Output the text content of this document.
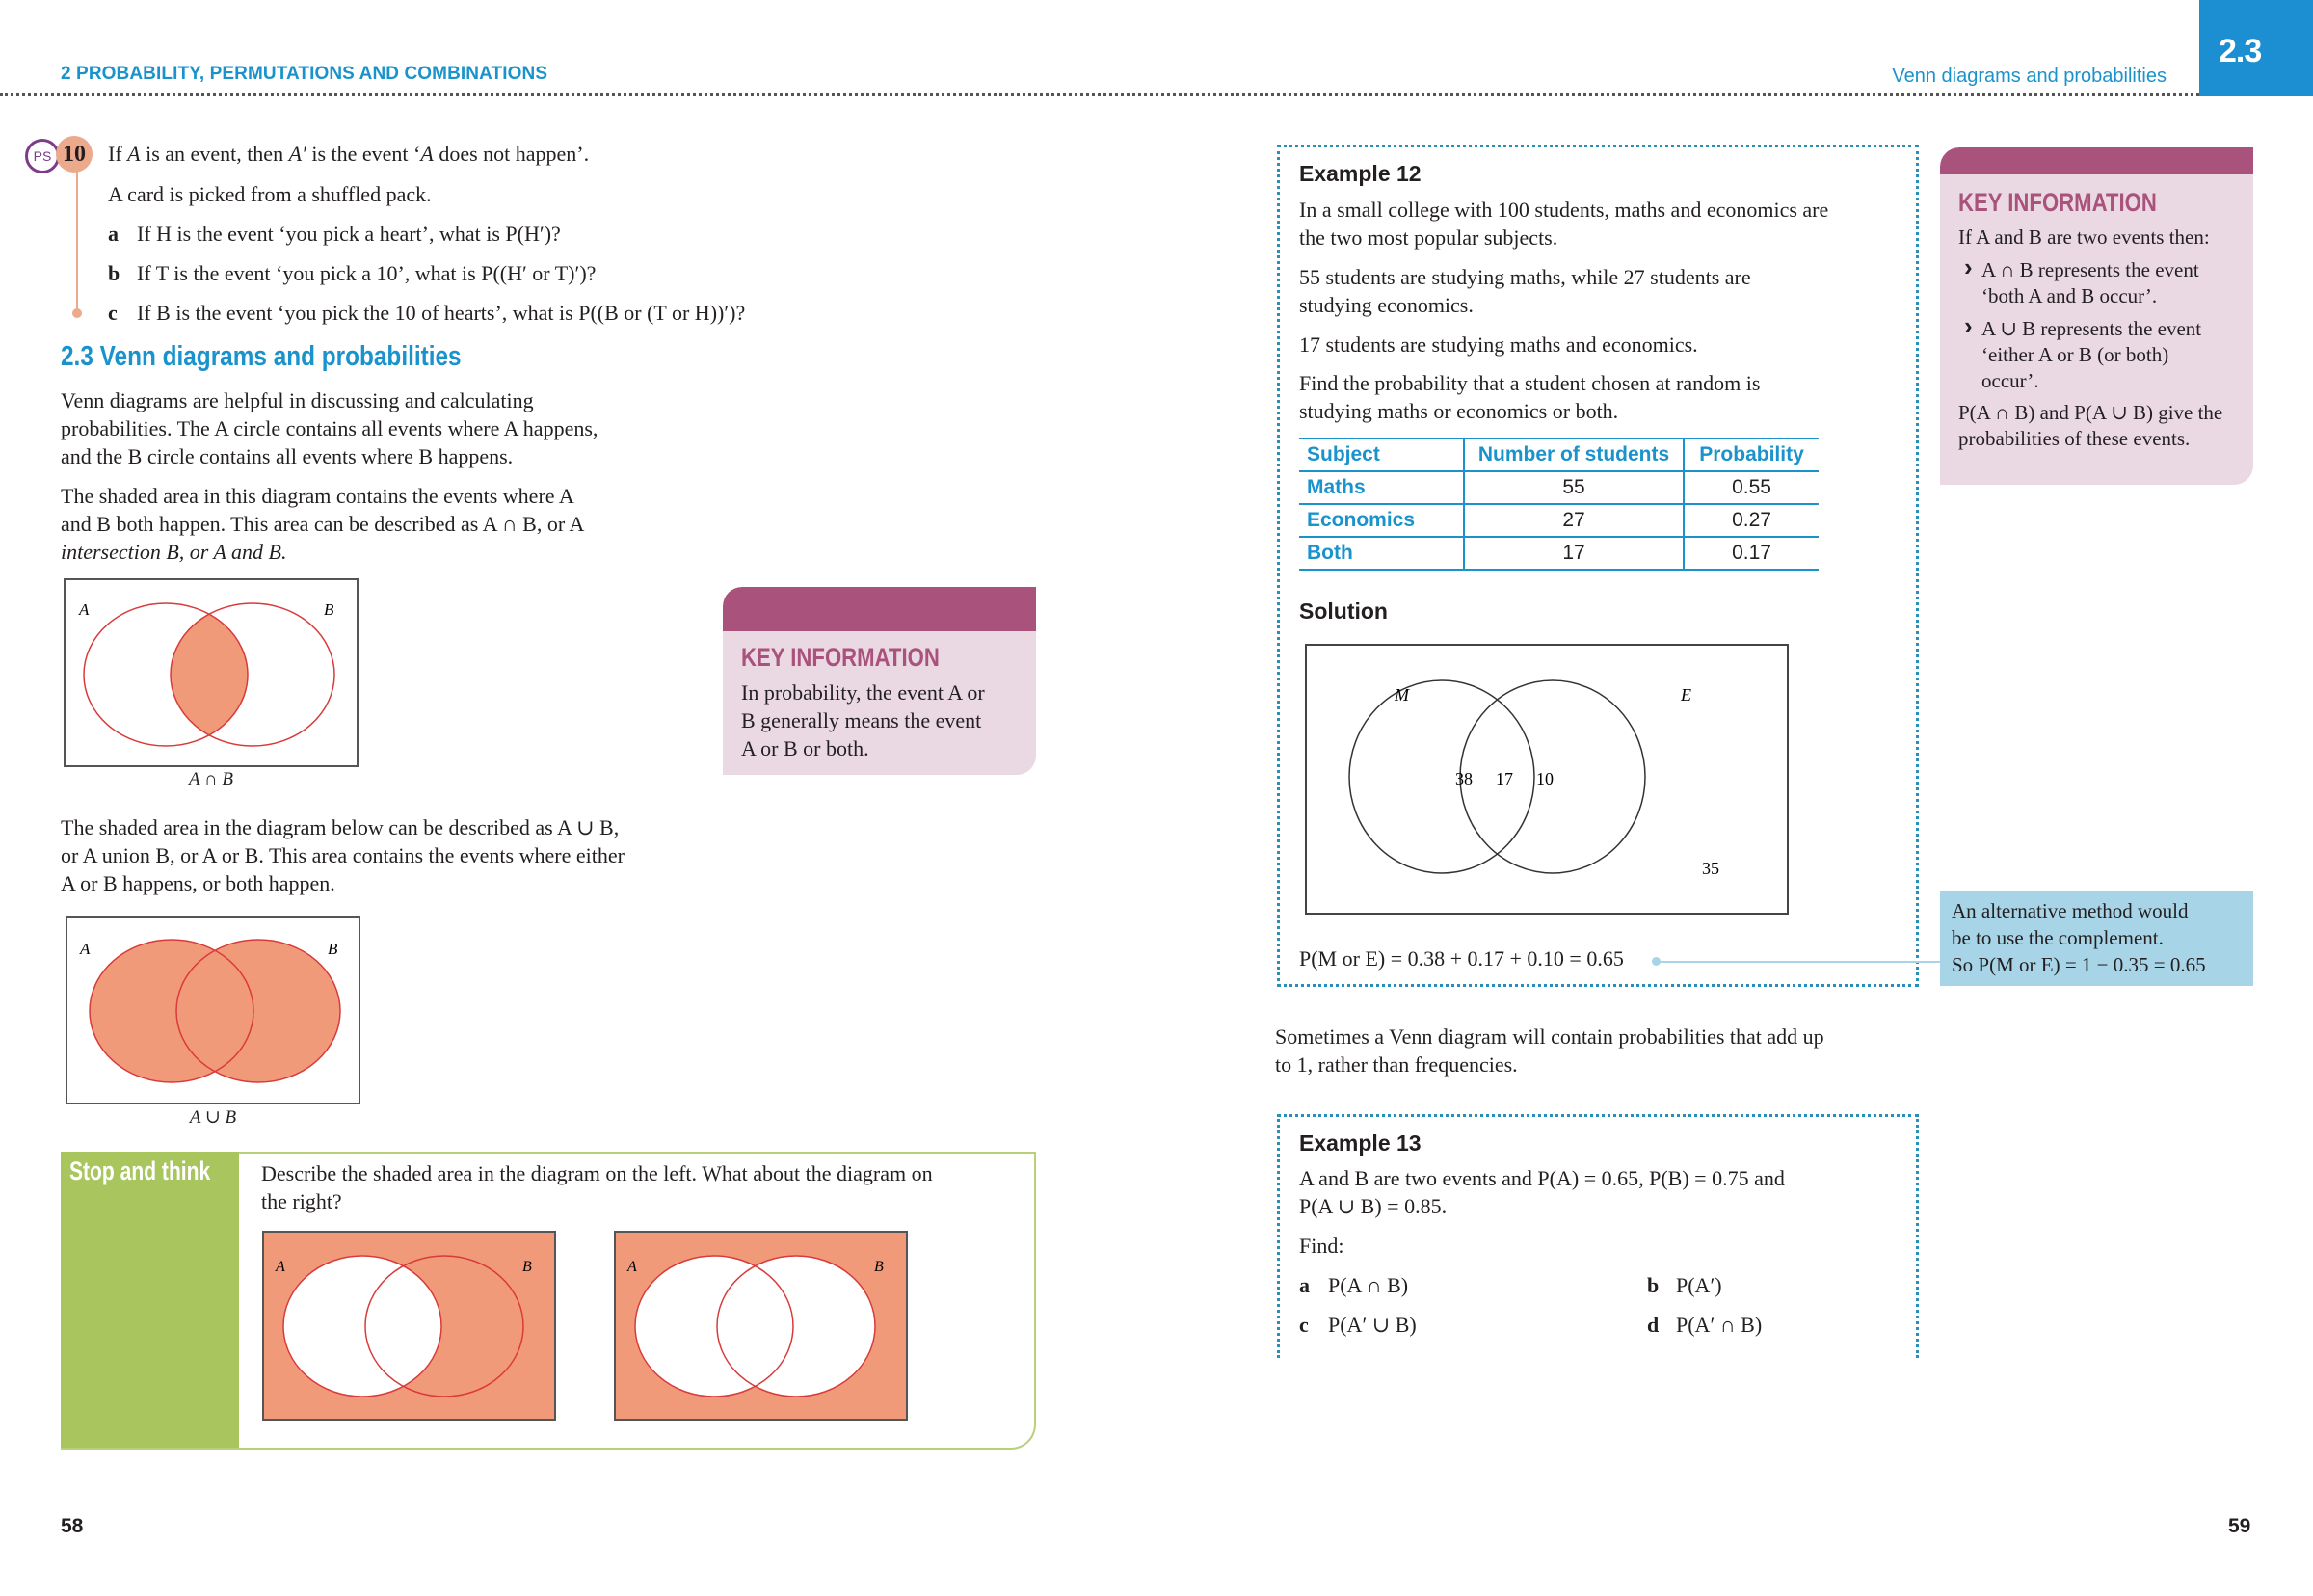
2 PROBABILITY, PERMUTATIONS AND COMBINATIONS	Venn diagrams and probabilities
2.3
PS 10	If A is an event, then A′ is the event ‘A does not happen’.
A card is picked from a shuffled pack.
a If H is the event ‘you pick a heart’, what is P(H′)?
b If T is the event ‘you pick a 10’, what is P((H′ or T)′)?
c If B is the event ‘you pick the 10 of hearts’, what is P((B or (T or H))′)?
2.3 Venn diagrams and probabilities
Venn diagrams are helpful in discussing and calculating
probabilities. The A circle contains all events where A happens,
and the B circle contains all events where B happens.
The shaded area in this diagram contains the events where A
and B both happen. This area can be described as A ∩ B, or A
intersection B, or A and B.
A	B
A ∩ B
KEY INFORMATION
In probability, the event A or
B generally means the event
A or B or both.
The shaded area in the diagram below can be described as A ∪ B,
or A union B, or A or B. This area contains the events where either
A or B happens, or both happen.
A	B
A ∪ B
Stop and think Describe the shaded area in the diagram on the left. What about the diagram on
the right?
A	B	A	B
Example 12
In a small college with 100 students, maths and economics are
the two most popular subjects.
55 students are studying maths, while 27 students are
studying economics.
17 students are studying maths and economics.
Find the probability that a student chosen at random is
studying maths or economics or both.
Subject	Number of students	Probability
Maths	55	0.55
Economics	27	0.27
Both	17	0.17
Solution
M	E
38 17 10
35
P(M or E) = 0.38 + 0.17 + 0.10 = 0.65
An alternative method would
be to use the complement.
So P(M or E) = 1 − 0.35 = 0.65
KEY INFORMATION
If A and B are two events then:
› A ∩ B represents the event
‘both A and B occur’.
› A ∪ B represents the event
‘either A or B (or both)
occur’.
P(A ∩ B) and P(A ∪ B) give the
probabilities of these events.
Sometimes a Venn diagram will contain probabilities that add up
to 1, rather than frequencies.
Example 13
A and B are two events and P(A) = 0.65, P(B) = 0.75 and
P(A ∪ B) = 0.85.
Find:
a P(A ∩ B)	b P(A′)
c P(A′ ∪ B)	d P(A′ ∩ B)
58	59
